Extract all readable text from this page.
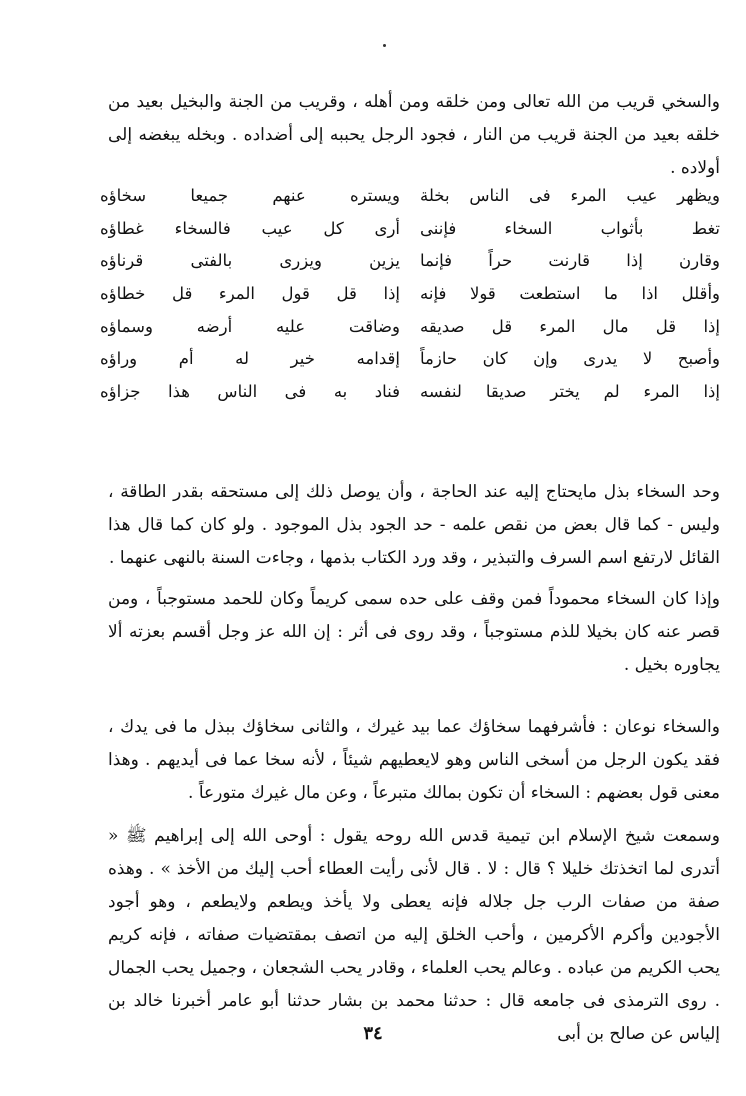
والسخي قريب من الله تعالى ومن خلقه ومن أهله ، وقريب من الجنة والبخيل بعيد من خلقه بعيد من الجنة قريب من النار ، فجود الرجل يحببه إلى أضداده . وبخله يبغضه إلى أولاده .
ويظهر عيب المرء فى الناس بخلة
ويستره عنهم جميعا سخاؤه
تغط بأثواب السخاء فإننى
أرى كل عيب فالسخاء غطاؤه
وقارن إذا قارنت حراً فإنما
يزين ويزرى بالفتى قرناؤه
وأقلل اذا ما استطعت قولا فإنه
إذا قل قول المرء قل خطاؤه
إذا قل مال المرء قل صديقه
وضاقت عليه أرضه وسماؤه
وأصبح لا يدرى وإن كان حازماً
إقدامه خير له أم وراؤه
إذا المرء لم يختر صديقا لنفسه
فناد به فى الناس هذا جزاؤه
وحد السخاء بذل مايحتاج إليه عند الحاجة ، وأن يوصل ذلك إلى مستحقه بقدر الطاقة ، وليس - كما قال بعض من نقص علمه - حد الجود بذل الموجود . ولو كان كما قال هذا القائل لارتفع اسم السرف والتبذير ، وقد ورد الكتاب بذمها ، وجاءت السنة بالنهى عنهما .
وإذا كان السخاء محموداً فمن وقف على حده سمى كريماً وكان للحمد مستوجباً ، ومن قصر عنه كان بخيلا للذم مستوجباً ، وقد روى فى أثر : إن الله عز وجل أقسم بعزته ألا يجاوره بخيل .
والسخاء نوعان : فأشرفهما سخاؤك عما بيد غيرك ، والثانى سخاؤك ببذل ما فى يدك ، فقد يكون الرجل من أسخى الناس وهو لايعطيهم شيئاً ، لأنه سخا عما فى أيديهم . وهذا معنى قول بعضهم : السخاء أن تكون بمالك متبرعاً ، وعن مال غيرك متورعاً .
وسمعت شيخ الإسلام ابن تيمية قدس الله روحه يقول : أوحى الله إلى إبراهيم ﷺ « أتدرى لما اتخذتك خليلا ؟ قال : لا . قال لأنى رأيت العطاء أحب إليك من الأخذ » . وهذه صفة من صفات الرب جل جلاله فإنه يعطى ولا يأخذ ويطعم ولايطعم ، وهو أجود الأجودين وأكرم الأكرمين ، وأحب الخلق إليه من اتصف بمقتضيات صفاته ، فإنه كريم يحب الكريم من عباده . وعالم يحب العلماء ، وقادر يحب الشجعان ، وجميل يحب الجمال . روى الترمذى فى جامعه قال : حدثنا محمد بن بشار حدثنا أبو عامر أخبرنا خالد بن إلياس عن صالح بن أبى
٣٤
